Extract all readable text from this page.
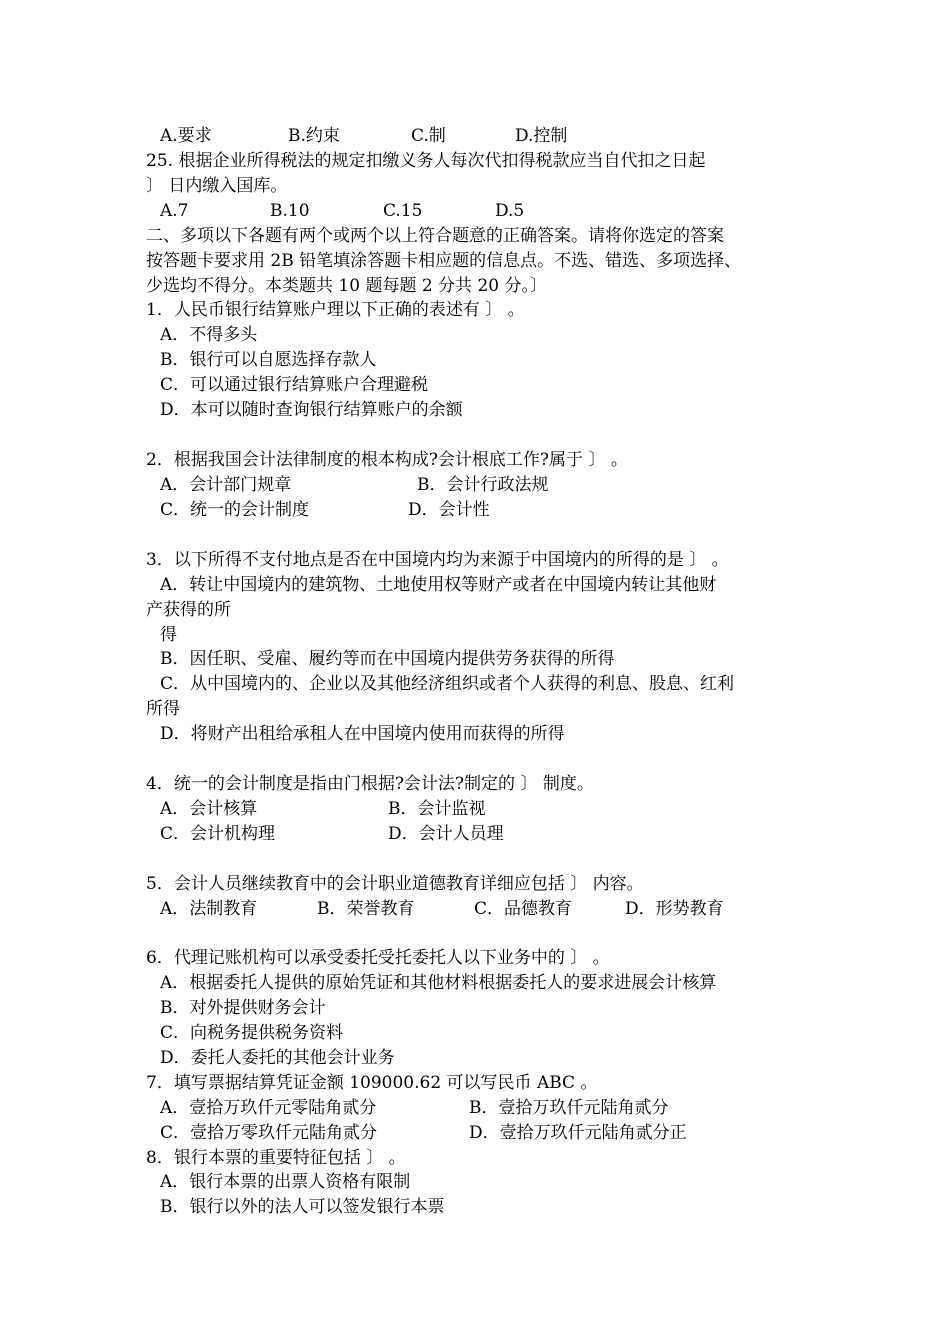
A.要求	B.约束	C.制	D.控制
25. 根据企业所得税法的规定扣缴义务人每次代扣得税款应当自代扣之日起
〕 日内缴入国库。
A.7	B.10	C.15	D.5
二、多项以下各题有两个或两个以上符合题意的正确答案。请将你选定的答案
按答题卡要求用 2B 铅笔填涂答题卡相应题的信息点。不选、错选、多项选择、
少选均不得分。本类题共 10 题每题 2 分共 20 分。〕
1．人民币银行结算账户理以下正确的表述有 〕 。
A．不得多头
B．银行可以自愿选择存款人
C．可以通过银行结算账户合理避税
D．本可以随时查询银行结算账户的余额
2．根据我国会计法律制度的根本构成?会计根底工作?属于 〕 。
A．会计部门规章	B．会计行政法规
C．统一的会计制度	D．会计性
3．以下所得不支付地点是否在中国境内均为来源于中国境内的所得的是 〕 。
A．转让中国境内的建筑物、土地使用权等财产或者在中国境内转让其他财
产获得的所
得
B．因任职、受雇、履约等而在中国境内提供劳务获得的所得
C．从中国境内的、企业以及其他经济组织或者个人获得的利息、股息、红利
所得
D．将财产出租给承租人在中国境内使用而获得的所得
4．统一的会计制度是指由门根据?会计法?制定的 〕 制度。
A．会计核算	B．会计监视
C．会计机构理	D．会计人员理
5．会计人员继续教育中的会计职业道德教育详细应包括 〕 内容。
A．法制教育	B．荣誉教育	C．品德教育	D．形势教育
6．代理记账机构可以承受委托受托委托人以下业务中的 〕 。
A．根据委托人提供的原始凭证和其他材料根据委托人的要求进展会计核算
B．对外提供财务会计
C．向税务提供税务资料
D．委托人委托的其他会计业务
7．填写票据结算凭证金额 109000.62 可以写民币 ABC 。
A．壹拾万玖仟元零陆角贰分	B．壹拾万玖仟元陆角贰分
C．壹拾万零玖仟元陆角贰分	D．壹拾万玖仟元陆角贰分正
8．银行本票的重要特征包括 〕 。
A．银行本票的出票人资格有限制
B．银行以外的法人可以签发银行本票
